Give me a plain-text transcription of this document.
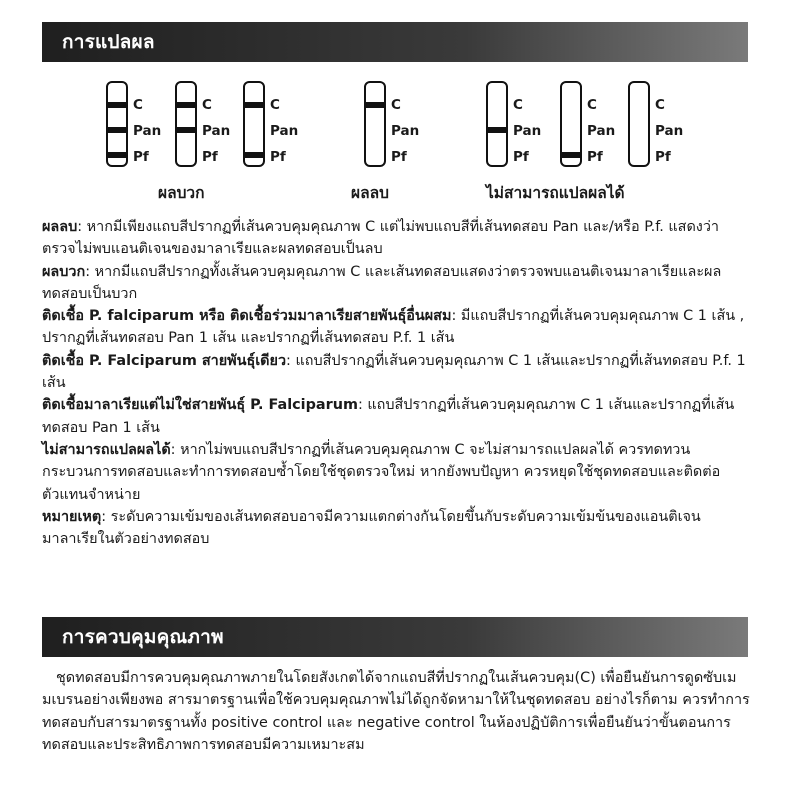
การแปลผล
C
Pan
Pf
C
Pan
Pf
C
Pan
Pf
ผลบวก
C
Pan
Pf
ผลลบ
C
Pan
Pf
C
Pan
Pf
C
Pan
Pf
ไม่สามารถแปลผลได้

ผลลบ: หากมีเพียงแถบสีปรากฏที่เส้นควบคุมคุณภาพ C แต่ไม่พบแถบสีที่เส้นทดสอบ Pan และ/หรือ P.f. แสดงว่าตรวจไม่พบแอนติเจนของมาลาเรียและผลทดสอบเป็นลบ

ผลบวก: หากมีแถบสีปรากฏทั้งเส้นควบคุมคุณภาพ C และเส้นทดสอบแสดงว่าตรวจพบแอนติเจนมาลาเรียและผลทดสอบเป็นบวก

ติดเชื้อ P. falciparum หรือ ติดเชื้อร่วมมาลาเรียสายพันธุ์อื่นผสม: มีแถบสีปรากฏที่เส้นควบคุมคุณภาพ C 1 เส้น , ปรากฏที่เส้นทดสอบ Pan 1 เส้น และปรากฏที่เส้นทดสอบ P.f. 1 เส้น

ติดเชื้อ P. Falciparum สายพันธุ์เดียว: แถบสีปรากฏที่เส้นควบคุมคุณภาพ C 1 เส้นและปรากฏที่เส้นทดสอบ P.f. 1 เส้น

ติดเชื้อมาลาเรียแต่ไม่ใช่สายพันธุ์ P. Falciparum: แถบสีปรากฏที่เส้นควบคุมคุณภาพ C 1 เส้นและปรากฏที่เส้นทดสอบ Pan 1 เส้น

ไม่สามารถแปลผลได้: หากไม่พบแถบสีปรากฏที่เส้นควบคุมคุณภาพ C จะไม่สามารถแปลผลได้ ควรทดทวนกระบวนการทดสอบและทำการทดสอบซ้ำโดยใช้ชุดตรวจใหม่ หากยังพบปัญหา ควรหยุดใช้ชุดทดสอบและติดต่อตัวแทนจำหน่าย

หมายเหตุ: ระดับความเข้มของเส้นทดสอบอาจมีความแตกต่างกันโดยขึ้นกับระดับความเข้มข้นของแอนติเจนมาลาเรียในตัวอย่างทดสอบ

การควบคุมคุณภาพ
ชุดทดสอบมีการควบคุมคุณภาพภายในโดยสังเกตได้จากแถบสีที่ปรากฏในเส้นควบคุม(C) เพื่อยืนยันการดูดซับเมมเบรนอย่างเพียงพอ สารมาตรฐานเพื่อใช้ควบคุมคุณภาพไม่ได้ถูกจัดหามาให้ในชุดทดสอบ อย่างไรก็ตาม ควรทำการทดสอบกับสารมาตรฐานทั้ง positive control และ negative control ในห้องปฏิบัติการเพื่อยืนยันว่าขั้นตอนการทดสอบและประสิทธิภาพการทดสอบมีความเหมาะสม
